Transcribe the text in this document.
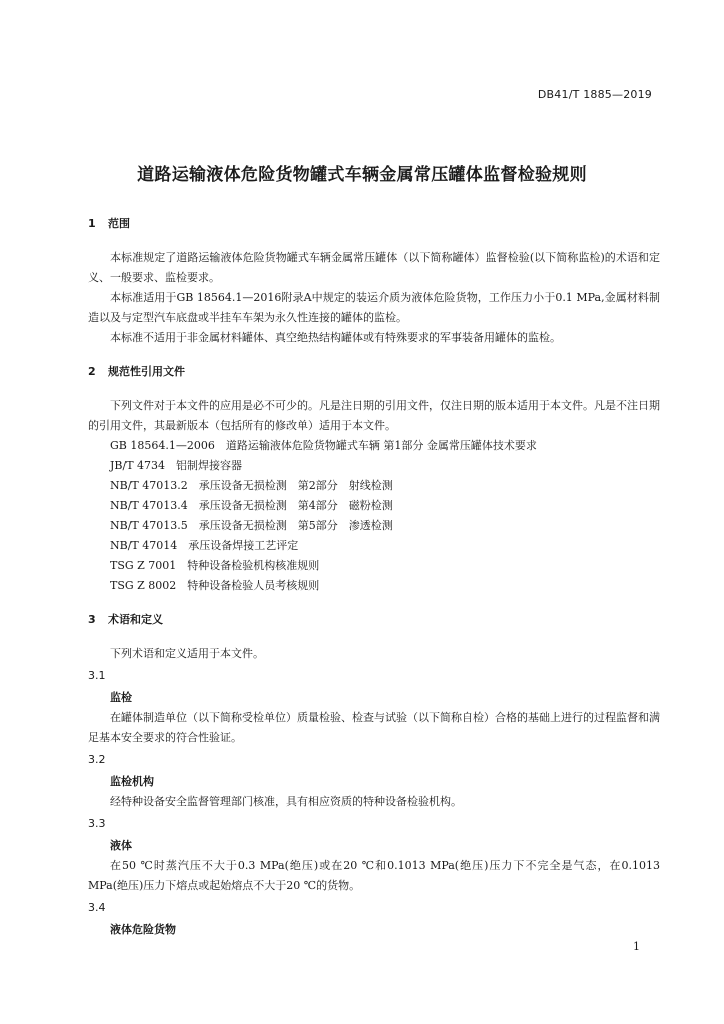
DB41/T 1885—2019
道路运输液体危险货物罐式车辆金属常压罐体监督检验规则
1 范围

本标准规定了道路运输液体危险货物罐式车辆金属常压罐体（以下简称罐体）监督检验(以下简称监检)的术语和定义、一般要求、监检要求。

本标准适用于GB 18564.1—2016附录A中规定的装运介质为液体危险货物，工作压力小于0.1 MPa,金属材料制造以及与定型汽车底盘或半挂车车架为永久性连接的罐体的监检。

本标准不适用于非金属材料罐体、真空绝热结构罐体或有特殊要求的军事装备用罐体的监检。

2 规范性引用文件

下列文件对于本文件的应用是必不可少的。凡是注日期的引用文件，仅注日期的版本适用于本文件。凡是不注日期的引用文件，其最新版本（包括所有的修改单）适用于本文件。

GB 18564.1—2006　道路运输液体危险货物罐式车辆 第1部分 金属常压罐体技术要求
JB/T 4734　铝制焊接容器
NB/T 47013.2　承压设备无损检测　第2部分　射线检测
NB/T 47013.4　承压设备无损检测　第4部分　磁粉检测
NB/T 47013.5　承压设备无损检测　第5部分　渗透检测
NB/T 47014　承压设备焊接工艺评定
TSG Z 7001　特种设备检验机构核准规则
TSG Z 8002　特种设备检验人员考核规则
3 术语和定义

下列术语和定义适用于本文件。

3.1
监检

在罐体制造单位（以下简称受检单位）质量检验、检查与试验（以下简称自检）合格的基础上进行的过程监督和满足基本安全要求的符合性验证。

3.2
监检机构

经特种设备安全监督管理部门核准，具有相应资质的特种设备检验机构。

3.3
液体

在50 ℃时蒸汽压不大于0.3 MPa(绝压)或在20 ℃和0.1013 MPa(绝压)压力下不完全是气态，在0.1013 MPa(绝压)压力下熔点或起始熔点不大于20 ℃的货物。

3.4
液体危险货物
1
